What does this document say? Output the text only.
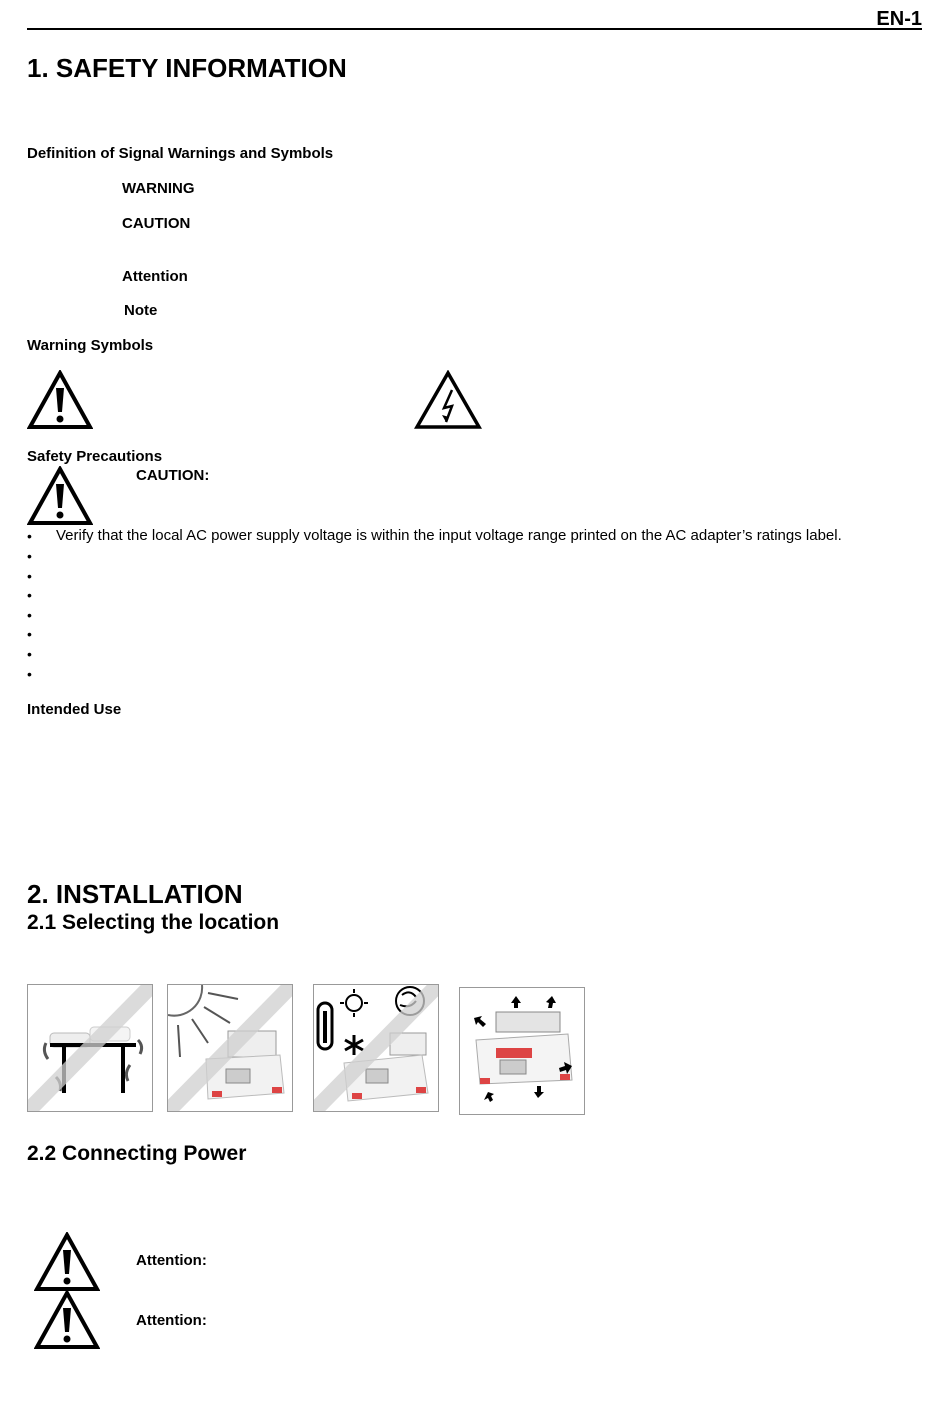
EN-1
1. SAFETY INFORMATION
Definition of Signal Warnings and Symbols
WARNING
CAUTION
Attention
Note
Warning Symbols
Safety Precautions
CAUTION:
• Verify that the local AC power supply voltage is within the input voltage range printed on the AC adapter’s ratings label.
•
•
•
•
•
•
•
Intended Use
2. INSTALLATION
2.1 Selecting the location
2.2 Connecting Power
Attention:
Attention:
